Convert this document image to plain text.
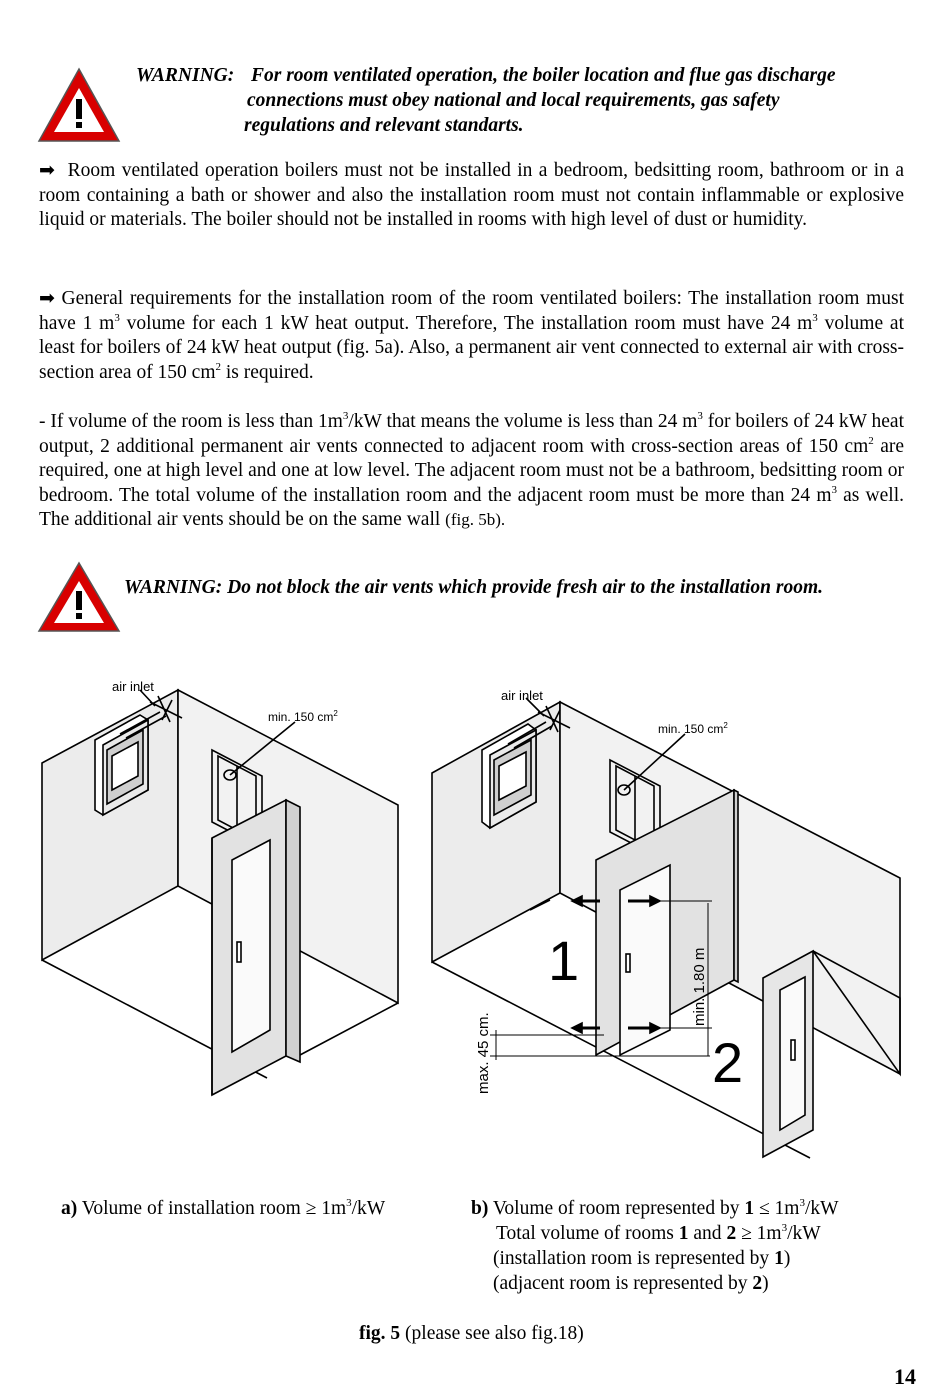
WARNING: For room ventilated operation, the boiler location and flue gas discharge
connections must obey national and local requirements, gas safety
regulations and relevant standarts.
➡ Room ventilated operation boilers must not be installed in a bedroom, bedsitting room, bathroom or in a room containing a bath or shower and also the installation room must not contain inflammable or explosive liquid or materials. The boiler should not be installed in rooms with high level of dust or humidity.
➡ General requirements for the installation room of the room ventilated boilers: The installation room must have 1 $m^3$ volume for each 1 kW heat output. Therefore, The installation room must have 24 $m^3$ volume at least for boilers of 24 kW heat output (fig. 5a). Also, a permanent air vent connected to external air with cross-section area of 150 $cm^2$ is required.
- If volume of the room is less than $1m^3/kW$ that means the volume is less than 24 $m^3$ for boilers of 24 kW heat output, 2 additional permanent air vents connected to adjacent room with cross-section areas of 150 $cm^2$ are required, one at high level and one at low level. The adjacent room must not be a bathroom, bedsitting room or bedroom. The total volume of the installation room and the adjacent room must be more than 24 $m^3$ as well. The additional air vents should be on the same wall (fig. 5b).
WARNING: Do not block the air vents which provide fresh air to the installation room.
air inlet
min. 150 $cm^2$
1
2
air inlet
min. 150 $cm^2$
min. 1.80 m
max. 45 cm.
a) Volume of installation room ≥ $1m^3/kW$	b) Volume of room represented by $1 \le 1m^3/kW$
Total volume of rooms 1 and $2 \ge 1m^3/kW$
(installation room is represented by 1)
(adjacent room is represented by 2)
fig. 5 (please see also fig.18)
14
